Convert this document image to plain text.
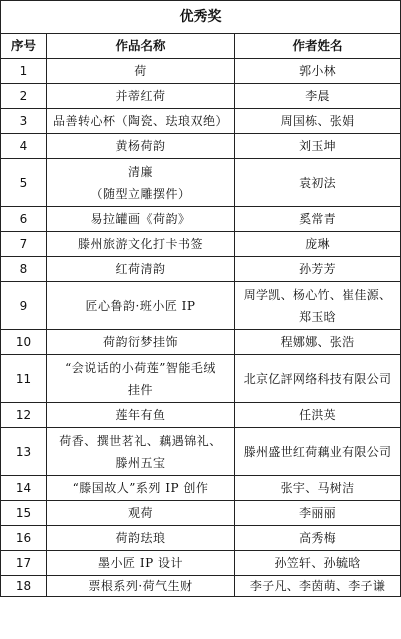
优秀奖		
序号	作品名称	作者姓名
1	荷	郭小林

2	并蒂红荷	李晨

3	品善转心杯（陶瓷、珐琅双绝）	周国栋、张娟

4	黄杨荷韵	刘玉坤

5	清廉
（随型立雕摆件）	袁初法

6	易拉罐画《荷韵》	奚常青

7	滕州旅游文化打卡书签	庞琳

8	红荷清韵	孙芳芳

9	匠心鲁韵·班小匠 IP	周学凯、杨心竹、崔佳源、
郑玉晗

10	荷韵衍梦挂饰	程娜娜、张浩

11	“会说话的小荷莲”智能毛绒
挂件	北京亿評网络科技有限公司

12	莲年有鱼	任洪英

13	荷香、撰世茗礼、藕遇锦礼、
滕州五宝	滕州盛世红荷藕业有限公司

14	“滕国故人”系列 IP 创作	张宇、马树洁

15	观荷	李丽丽

16	荷韵珐琅	高秀梅

17	墨小匠 IP 设计	孙笠轩、孙毓晗

18	票根系列·荷气生财	李子凡、李茵萌、李子谦
